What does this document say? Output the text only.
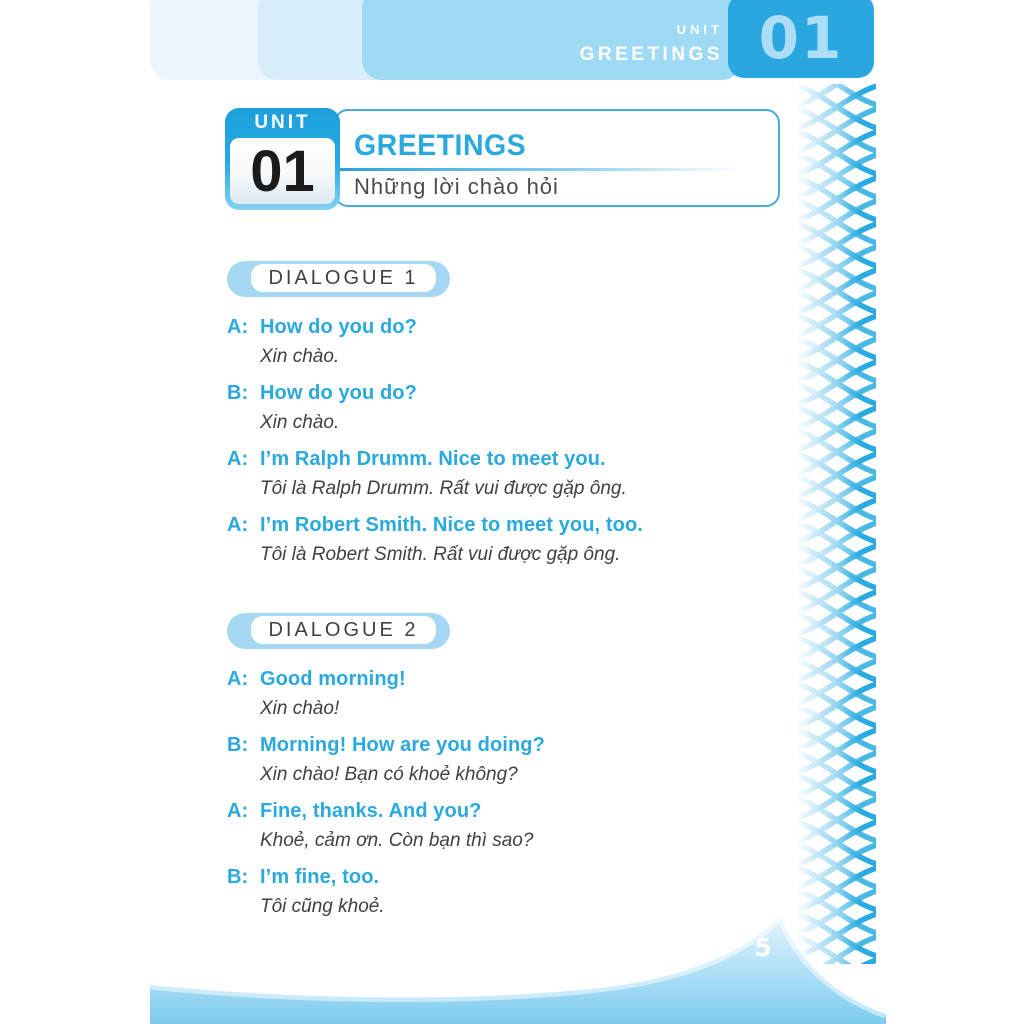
UNIT
GREETINGS 01
GREETINGS
Những lời chào hỏi
UNIT
01
DIALOGUE 1
A: How do you do?
Xin chào.
B: How do you do?
Xin chào.
A: I’m Ralph Drumm. Nice to meet you.
Tôi là Ralph Drumm. Rất vui được gặp ông.
A: I’m Robert Smith. Nice to meet you, too.
Tôi là Robert Smith. Rất vui được gặp ông.
DIALOGUE 2
A: Good morning!
Xin chào!
B: Morning! How are you doing?
Xin chào! Bạn có khoẻ không?
A: Fine, thanks. And you?
Khoẻ, cảm ơn. Còn bạn thì sao?
B: I’m fine, too.
Tôi cũng khoẻ.
5
